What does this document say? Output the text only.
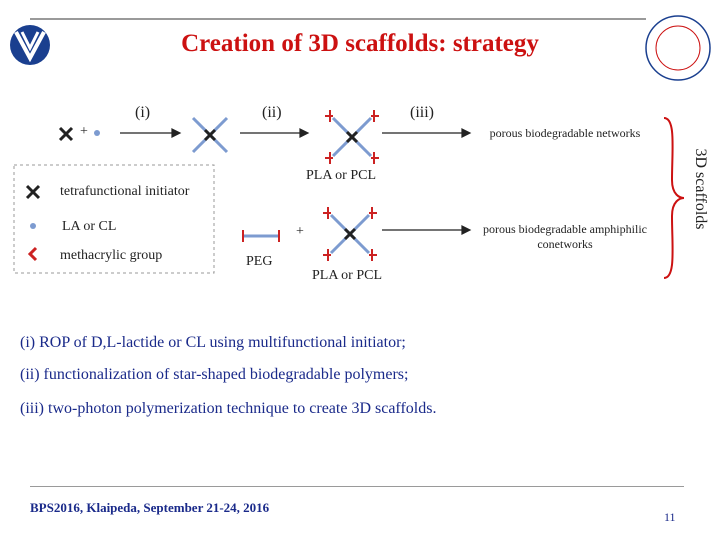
Creation of 3D scaffolds: strategy
(i)	(ii)	(iii)
+
+
tetrafunctional initiator
LA or CL
methacrylic group
PLA or PCL
PLA or PCL
PEG
porous biodegradable networks
porous biodegradable amphiphilic conetworks
3D scaffolds
(i) ROP of D,L-lactide or CL using multifunctional initiator;
(ii) functionalization of star-shaped biodegradable polymers;
(iii) two-photon polymerization technique to create 3D scaffolds.
BPS2016, Klaipeda, September 21-24, 2016
11
